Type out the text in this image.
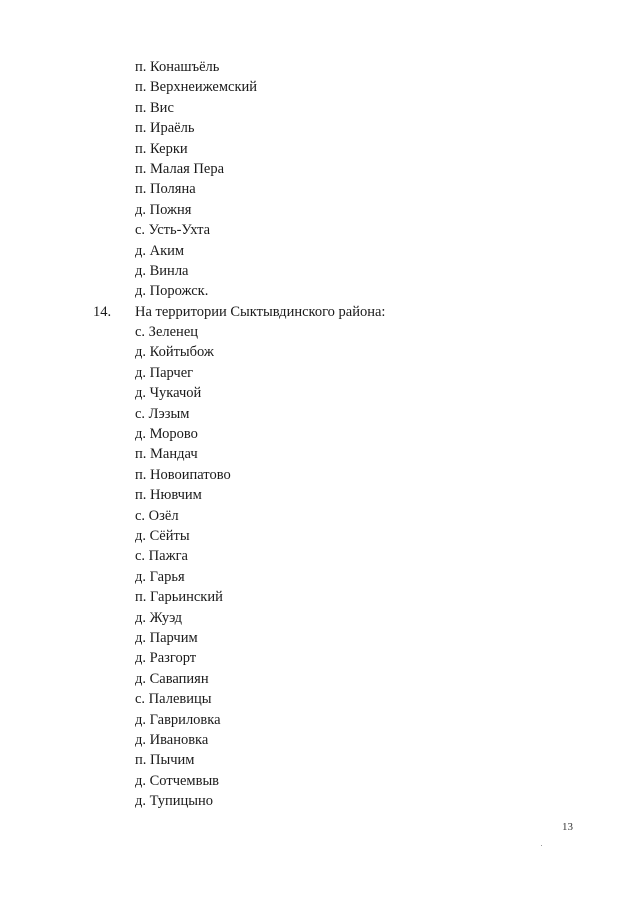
п. Конашъёль
п. Верхнеижемский
п. Вис
п. Ираёль
п. Керки
п. Малая Пера
п. Поляна
д. Пожня
с. Усть-Ухта
д. Аким
д. Винла
д. Порожск.
14. На территории Сыктывдинского района:
с. Зеленец
д. Койтыбож
д. Парчег
д. Чукачой
с. Лэзым
д. Морово
п. Мандач
п. Новоипатово
п. Нювчим
с. Озёл
д. Сёйты
с. Пажга
д. Гарья
п. Гарьинский
д. Жуэд
д. Парчим
д. Разгорт
д. Савапиян
с. Палевицы
д. Гавриловка
д. Ивановка
п. Пычим
д. Сотчемвыв
д. Тупицыно
13
